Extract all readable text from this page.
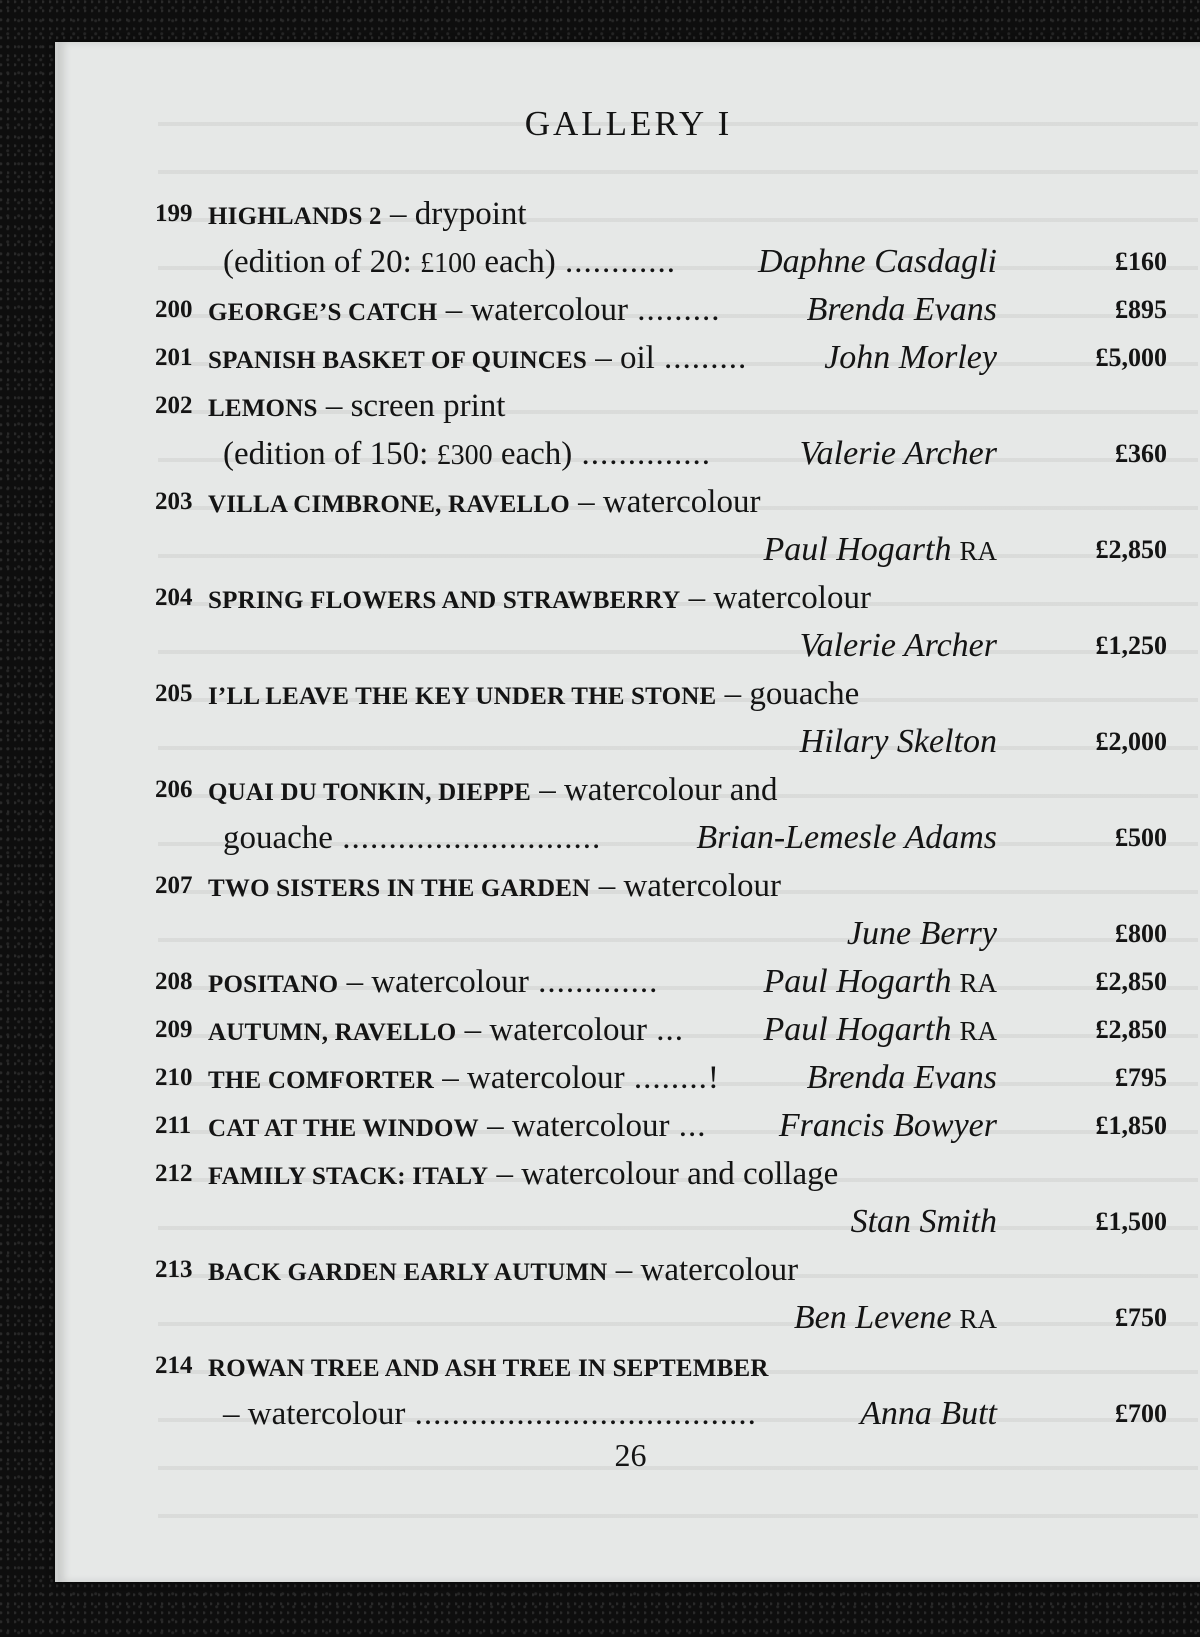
GALLERY I
199 HIGHLANDS 2 – drypoint
(edition of 20: £100 each) ............ Daphne Casdagli	£160
200 GEORGE’S CATCH – watercolour .........	Brenda Evans	£895
201 SPANISH BASKET OF QUINCES – oil ......... John Morley	£5,000
202 LEMONS – screen print
(edition of 150: £300 each) ..............	Valerie Archer	£360
203 VILLA CIMBRONE, RAVELLO – watercolour
Paul Hogarth RA	£2,850
204 SPRING FLOWERS AND STRAWBERRY – watercolour
Valerie Archer	£1,250
205 I’LL LEAVE THE KEY UNDER THE STONE – gouache
Hilary Skelton	£2,000
206 QUAI DU TONKIN, DIEPPE – watercolour and
gouache ............................	Brian-Lemesle Adams	£500
207 TWO SISTERS IN THE GARDEN – watercolour
June Berry	£800
208 POSITANO – watercolour .............	Paul Hogarth RA	£2,850
209 AUTUMN, RAVELLO – watercolour ... Paul Hogarth RA	£2,850
210 THE COMFORTER – watercolour ........!	Brenda Evans	£795
211 CAT AT THE WINDOW – watercolour ... Francis Bowyer	£1,850
212 FAMILY STACK: ITALY – watercolour and collage
Stan Smith	£1,500
213 BACK GARDEN EARLY AUTUMN – watercolour
Ben Levene RA	£750
214 ROWAN TREE AND ASH TREE IN SEPTEMBER
– watercolour .....................................	Anna Butt	£700
26
